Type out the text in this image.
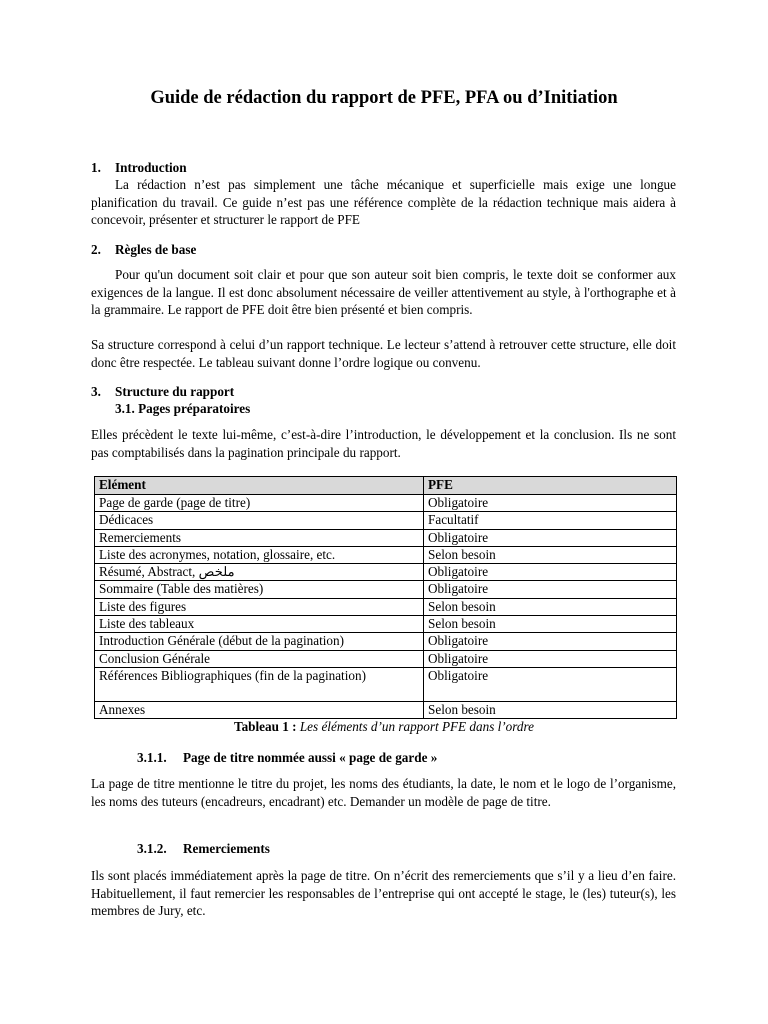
Guide de rédaction du rapport de PFE, PFA ou d’Initiation
1. Introduction

La rédaction n’est pas simplement une tâche mécanique et superficielle mais exige une longue planification du travail. Ce guide n’est pas une référence complète de la rédaction technique mais aidera à concevoir, présenter et structurer le rapport de PFE

2. Règles de base

Pour qu'un document soit clair et pour que son auteur soit bien compris, le texte doit se conformer aux exigences de la langue. Il est donc absolument nécessaire de veiller attentivement au style, à l'orthographe et à la grammaire. Le rapport de PFE doit être bien présenté et bien compris.

Sa structure correspond à celui d’un rapport technique. Le lecteur s’attend à retrouver cette structure, elle doit donc être respectée. Le tableau suivant donne l’ordre logique ou convenu.

3. Structure du rapport
3.1. Pages préparatoires

Elles précèdent le texte lui-même, c’est-à-dire l’introduction, le développement et la conclusion. Ils ne sont pas comptabilisés dans la pagination principale du rapport.

Elément	PFE
Page de garde (page de titre)	Obligatoire
Dédicaces	Facultatif
Remerciements	Obligatoire
Liste des acronymes, notation, glossaire, etc.	Selon besoin
Résumé, Abstract, ملخص	Obligatoire
Sommaire (Table des matières)	Obligatoire
Liste des figures	Selon besoin
Liste des tableaux	Selon besoin
Introduction Générale (début de la pagination)	Obligatoire
Conclusion Générale	Obligatoire
Références Bibliographiques (fin de la pagination)	Obligatoire
Annexes	Selon besoin
Tableau 1 : Les éléments d’un rapport PFE dans l’ordre
3.1.1. Page de titre nommée aussi « page de garde »

La page de titre mentionne le titre du projet, les noms des étudiants, la date, le nom et le logo de l’organisme, les noms des tuteurs (encadreurs, encadrant) etc. Demander un modèle de page de titre.

3.1.2. Remerciements

Ils sont placés immédiatement après la page de titre. On n’écrit des remerciements que s’il y a lieu d’en faire. Habituellement, il faut remercier les responsables de l’entreprise qui ont accepté le stage, le (les) tuteur(s), les membres de Jury, etc.
